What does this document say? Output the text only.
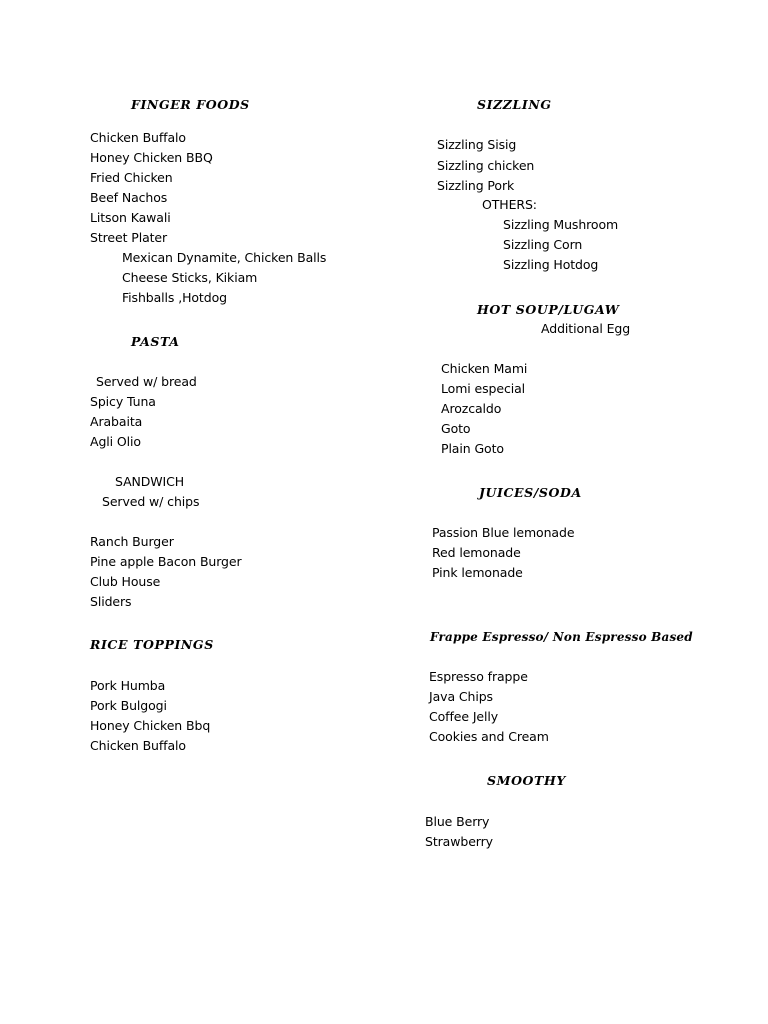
FINGER FOODS
Chicken Buffalo
Honey Chicken BBQ
Fried Chicken
Beef Nachos
Litson Kawali
Street Plater
Mexican Dynamite, Chicken Balls
Cheese Sticks, Kikiam
Fishballs ,Hotdog
PASTA
Served w/ bread
Spicy Tuna
Arabaita
Agli Olio
SANDWICH
Served w/ chips
Ranch Burger
Pine apple Bacon Burger
Club House
Sliders
RICE TOPPINGS
Pork Humba
Pork Bulgogi
Honey Chicken Bbq
Chicken Buffalo
SIZZLING
Sizzling Sisig
Sizzling chicken
Sizzling Pork
OTHERS:
Sizzling Mushroom
Sizzling Corn
Sizzling Hotdog
HOT SOUP/LUGAW
Additional Egg
Chicken Mami
Lomi especial
Arozcaldo
Goto
Plain Goto
JUICES/SODA
Passion Blue lemonade
Red lemonade
Pink lemonade
Frappe Espresso/ Non Espresso Based
Espresso frappe
Java Chips
Coffee Jelly
Cookies and Cream
SMOOTHY
Blue Berry
Strawberry
